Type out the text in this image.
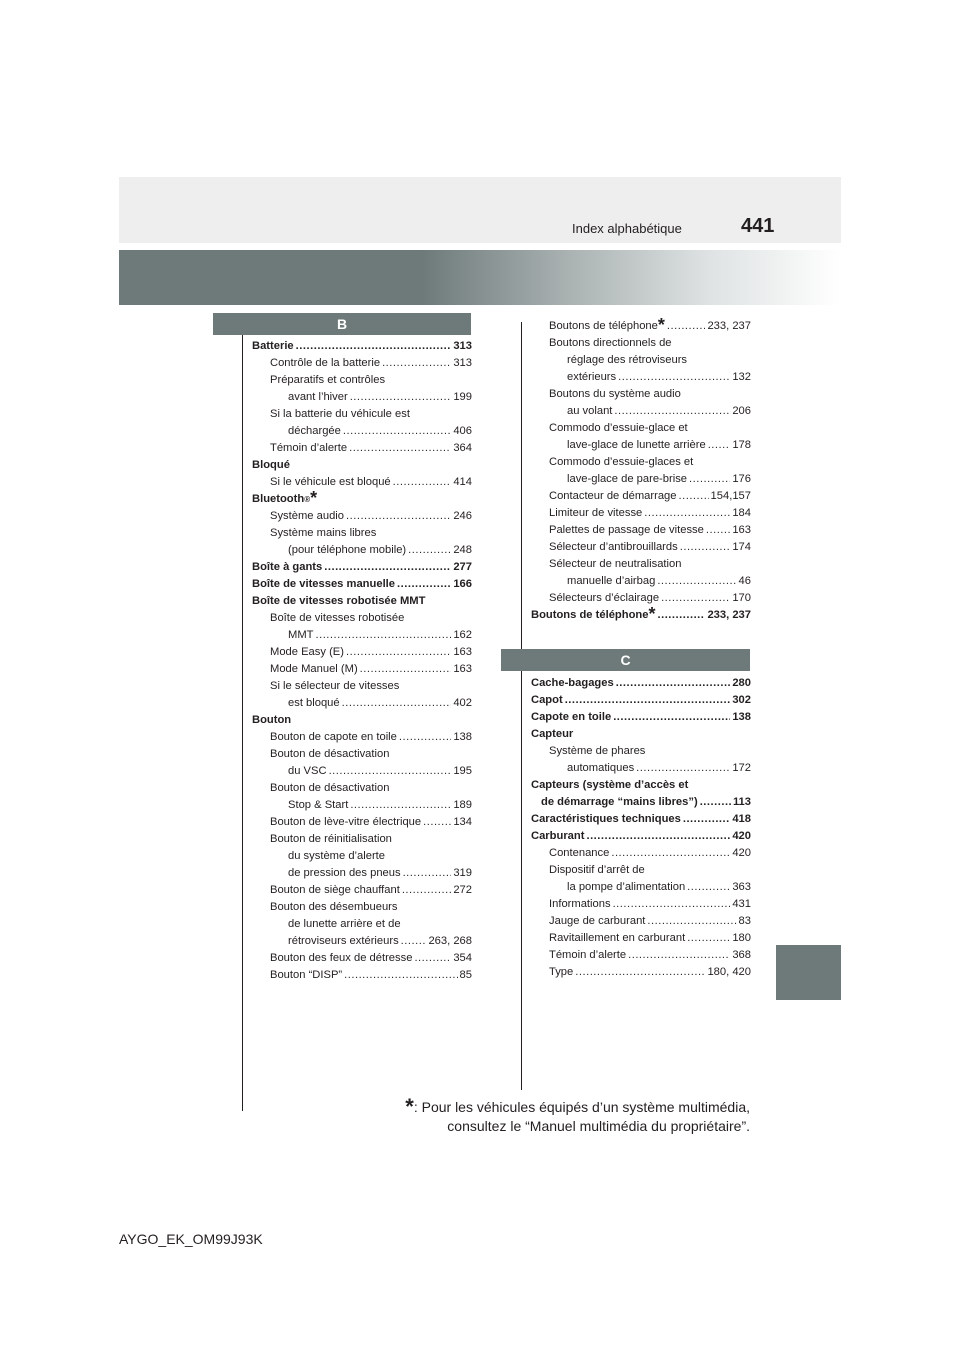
441
Index alphabétique
B
C
Batterie .....	313
Contrôle de la batterie .....	313
Préparatifs et contrôles
avant l’hiver .....	199
Si la batterie du véhicule est
déchargée .....	406
Témoin d’alerte .....	364
Bloqué
Si le véhicule est bloqué .....	414
Bluetooth ®*
Système audio .....	246
Système mains libres
(pour téléphone mobile) .....	248
Boîte à gants .....	277
Boîte de vitesses manuelle .....	166
Boîte de vitesses robotisée MMT
Boîte de vitesses robotisée
MMT .....	162
Mode Easy (E) .....	163
Mode Manuel (M) .....	163
Si le sélecteur de vitesses
est bloqué .....	402
Bouton
Bouton de capote en toile .....	138
Bouton de désactivation
du VSC .....	195
Bouton de désactivation
Stop & Start .....	189
Bouton de lève-vitre électrique .....	134
Bouton de réinitialisation
du système d’alerte
de pression des pneus .....	319
Bouton de siège chauffant .....	272
Bouton des désembueurs
de lunette arrière et de
rétroviseurs extérieurs .....	263, 268
Bouton des feux de détresse .....	354
Bouton “DISP” .....	85
Boutons de téléphone* .....	233, 237
Boutons directionnels de
réglage des rétroviseurs
extérieurs .....	132
Boutons du système audio
au volant .....	206
Commodo d’essuie-glace et
lave-glace de lunette arrière ..... 178
Commodo d’essuie-glaces et
lave-glace de pare-brise .....	176
Contacteur de démarrage .....	154,157
Limiteur de vitesse .....	184
Palettes de passage de vitesse .....	163
Sélecteur d’antibrouillards .....	174
Sélecteur de neutralisation
manuelle d’airbag .....	46
Sélecteurs d’éclairage .....	170
Boutons de téléphone* .....	233, 237
Cache-bagages .....	280
Capot .....	302
Capote en toile .....	138
Capteur
Système de phares
automatiques .....	172
Capteurs (système d’accès et
de démarrage “mains libres”) .....	113
Caractéristiques techniques .....	418
Carburant .....	420
Contenance .....	420
Dispositif d’arrêt de
la pompe d’alimentation .....	363
Informations .....	431
Jauge de carburant .....	83
Ravitaillement en carburant .....	180
Témoin d’alerte .....	368
Type .....	180, 420
*: Pour les véhicules équipés d’un système multimédia,
consultez le “Manuel multimédia du propriétaire”.
AYGO_EK_OM99J93K
